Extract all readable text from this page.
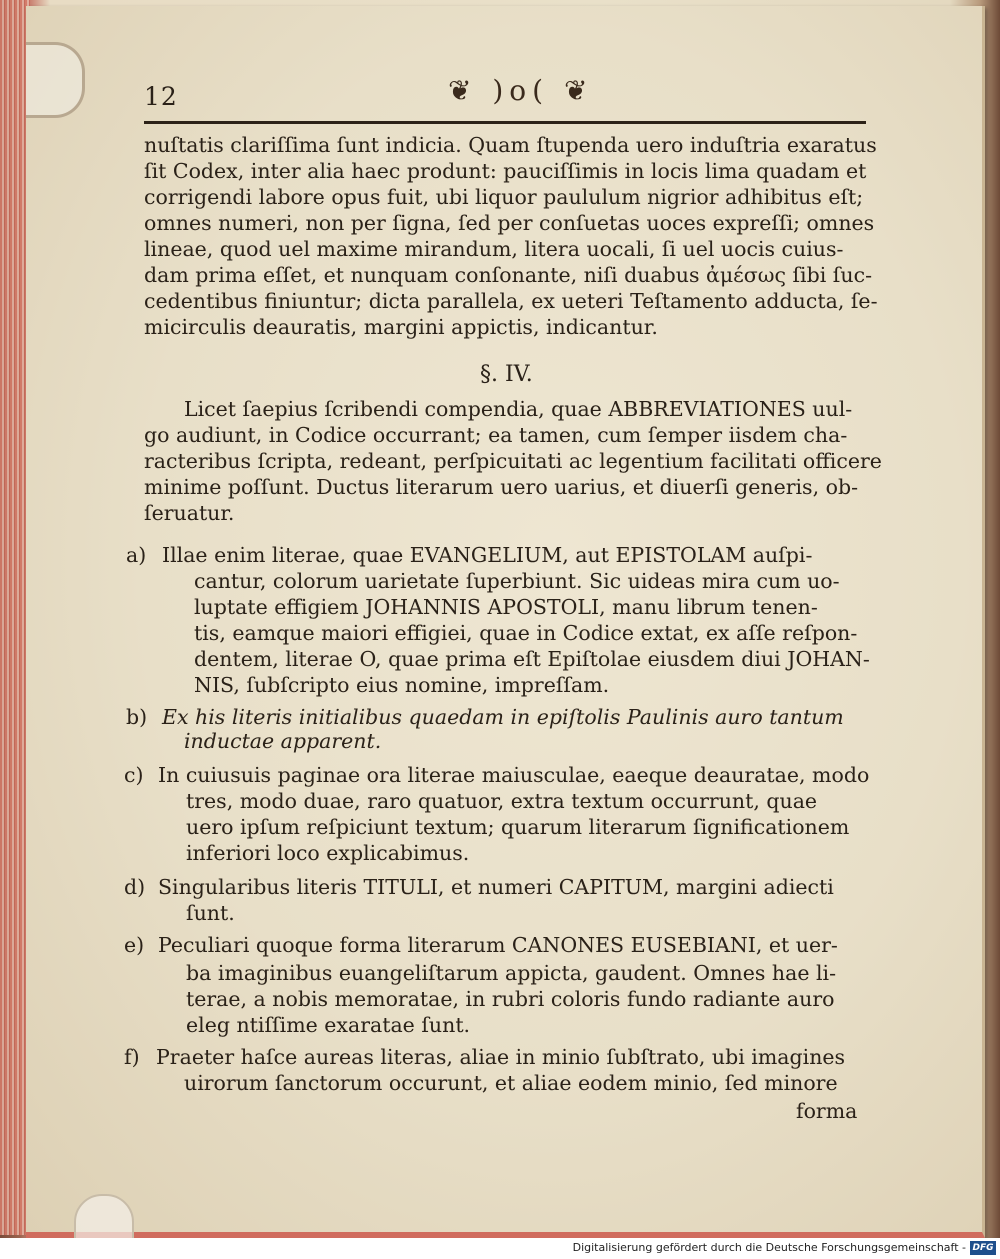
12	❦ )o( ❦
nuſtatis clariſſima ſunt indicia. Quam ſtupenda uero induſtria exaratus
ſit Codex, inter alia haec produnt: pauciſſimis in locis lima quadam et
corrigendi labore opus fuit, ubi liquor paululum nigrior adhibitus eſt;
omnes numeri, non per ſigna, ſed per conſuetas uoces expreſſi; omnes
lineae, quod uel maxime mirandum, litera uocali, ſi uel uocis cuius-
dam prima eſſet, et nunquam conſonante, niſi duabus ἀμέσως ſibi ſuc-
cedentibus finiuntur; dicta parallela, ex ueteri Teſtamento adducta, ſe-
micirculis deauratis, margini appictis, indicantur.
§. IV.
Licet ſaepius ſcribendi compendia, quae ABBREVIATIONES uul-
go audiunt, in Codice occurrant; ea tamen, cum ſemper iisdem cha-
racteribus ſcripta, redeant, perſpicuitati ac legentium facilitati officere
minime poſſunt. Ductus literarum uero uarius, et diuerſi generis, ob-
ſeruatur.
a) Illae enim literae, quae EVANGELIUM, aut EPISTOLAM auſpi-
cantur, colorum uarietate ſuperbiunt. Sic uideas mira cum uo-
luptate effigiem JOHANNIS APOSTOLI, manu librum tenen-
tis, eamque maiori effigiei, quae in Codice extat, ex aſſe reſpon-
dentem, literae O, quae prima eſt Epiſtolae eiusdem diui JOHAN-
NIS, ſubſcripto eius nomine, impreſſam.
b) Ex his literis initialibus quaedam in epiſtolis Paulinis auro tantum
inductae apparent.
c) In cuiusuis paginae ora literae maiusculae, eaeque deauratae, modo
tres, modo duae, raro quatuor, extra textum occurrunt, quae
uero ipſum reſpiciunt textum; quarum literarum ſignificationem
inferiori loco explicabimus.
d) Singularibus literis TITULI, et numeri CAPITUM, margini adiecti
ſunt.
e) Peculiari quoque forma literarum CANONES EUSEBIANI, et uer-
ba imaginibus euangeliſtarum appicta, gaudent. Omnes hae li-
terae, a nobis memoratae, in rubri coloris fundo radiante auro
eleg ntiſſime exaratae ſunt.
f) Praeter haſce aureas literas, aliae in minio ſubſtrato, ubi imagines
uirorum ſanctorum occurunt, et aliae eodem minio, ſed minore
forma
Digitalisierung gefördert durch die Deutsche Forschungsgemeinschaft - DFG
